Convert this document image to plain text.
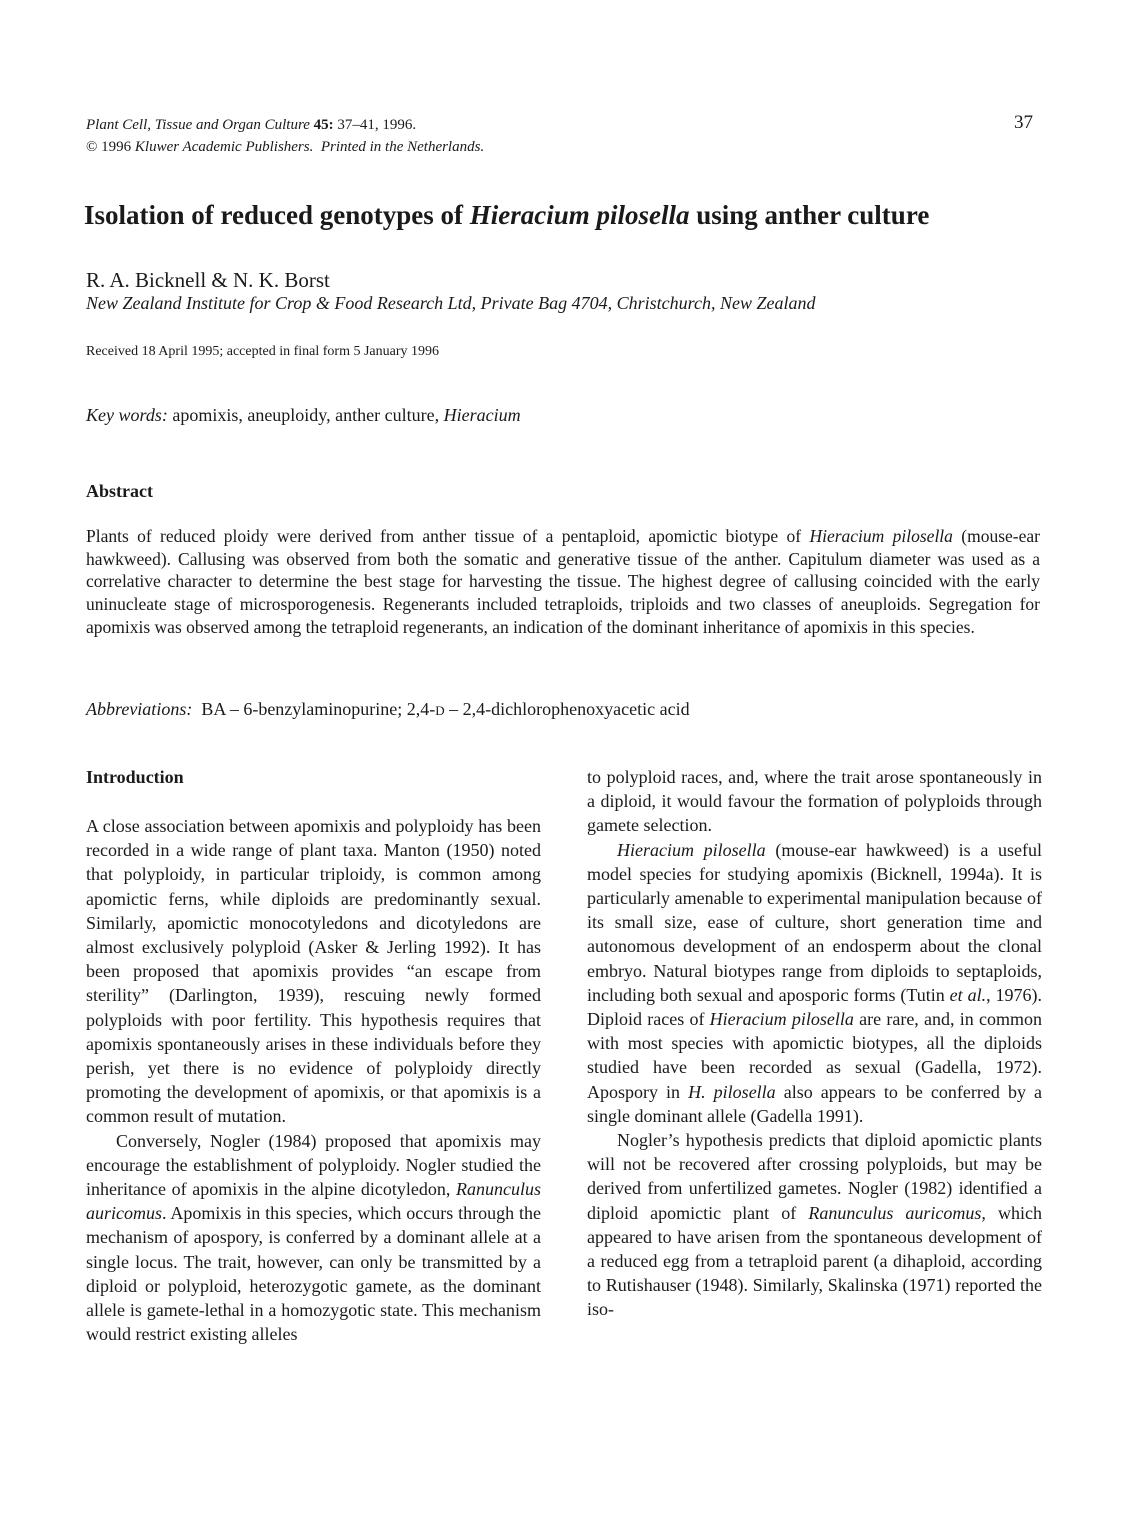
Plant Cell, Tissue and Organ Culture 45: 37–41, 1996.
© 1996 Kluwer Academic Publishers. Printed in the Netherlands.
37
Isolation of reduced genotypes of Hieracium pilosella using anther culture
R. A. Bicknell & N. K. Borst
New Zealand Institute for Crop & Food Research Ltd, Private Bag 4704, Christchurch, New Zealand
Received 18 April 1995; accepted in final form 5 January 1996
Key words: apomixis, aneuploidy, anther culture, Hieracium
Abstract
Plants of reduced ploidy were derived from anther tissue of a pentaploid, apomictic biotype of Hieracium pilosella (mouse-ear hawkweed). Callusing was observed from both the somatic and generative tissue of the anther. Capitulum diameter was used as a correlative character to determine the best stage for harvesting the tissue. The highest degree of callusing coincided with the early uninucleate stage of microsporogenesis. Regenerants included tetraploids, triploids and two classes of aneuploids. Segregation for apomixis was observed among the tetraploid regenerants, an indication of the dominant inheritance of apomixis in this species.
Abbreviations: BA – 6-benzylaminopurine; 2,4-d – 2,4-dichlorophenoxyacetic acid
Introduction

A close association between apomixis and polyploidy has been recorded in a wide range of plant taxa. Manton (1950) noted that polyploidy, in particular triploidy, is common among apomictic ferns, while diploids are predominantly sexual. Similarly, apomictic monocotyledons and dicotyledons are almost exclusively polyploid (Asker & Jerling 1992). It has been proposed that apomixis provides “an escape from sterility” (Darlington, 1939), rescuing newly formed polyploids with poor fertility. This hypothesis requires that apomixis spontaneously arises in these individuals before they perish, yet there is no evidence of polyploidy directly promoting the development of apomixis, or that apomixis is a common result of mutation.

Conversely, Nogler (1984) proposed that apomixis may encourage the establishment of polyploidy. Nogler studied the inheritance of apomixis in the alpine dicotyledon, Ranunculus auricomus. Apomixis in this species, which occurs through the mechanism of apospory, is conferred by a dominant allele at a single locus. The trait, however, can only be transmitted by a diploid or polyploid, heterozygotic gamete, as the dominant allele is gamete-lethal in a homozygotic state. This mechanism would restrict existing alleles

to polyploid races, and, where the trait arose spontaneously in a diploid, it would favour the formation of polyploids through gamete selection.

Hieracium pilosella (mouse-ear hawkweed) is a useful model species for studying apomixis (Bicknell, 1994a). It is particularly amenable to experimental manipulation because of its small size, ease of culture, short generation time and autonomous development of an endosperm about the clonal embryo. Natural biotypes range from diploids to septaploids, including both sexual and aposporic forms (Tutin et al., 1976). Diploid races of Hieracium pilosella are rare, and, in common with most species with apomictic biotypes, all the diploids studied have been recorded as sexual (Gadella, 1972). Apospory in H. pilosella also appears to be conferred by a single dominant allele (Gadella 1991).

Nogler’s hypothesis predicts that diploid apomictic plants will not be recovered after crossing polyploids, but may be derived from unfertilized gametes. Nogler (1982) identified a diploid apomictic plant of Ranunculus auricomus, which appeared to have arisen from the spontaneous development of a reduced egg from a tetraploid parent (a dihaploid, according to Rutishauser (1948). Similarly, Skalinska (1971) reported the iso-
